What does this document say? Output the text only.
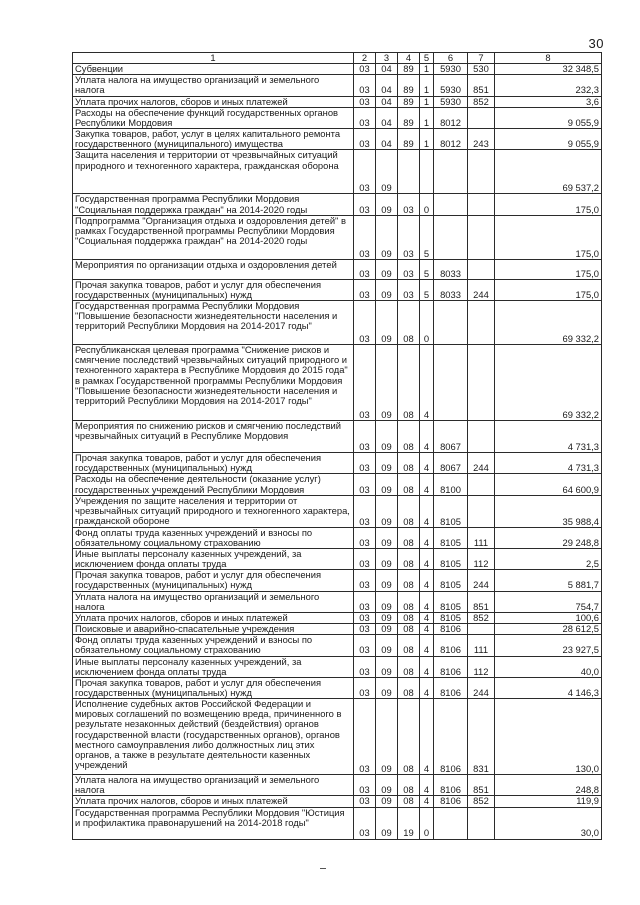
30
1	2	3	4	5	6	7	8
Субвенции	03	04	89	1	5930	530	32 348,5
Уплата налога на имущество организаций и земельного налога	03	04	89	1	5930	851	232,3
Уплата прочих налогов, сборов и иных платежей	03	04	89	1	5930	852	3,6
Расходы на обеспечение функций государственных органов Республики Мордовия	03	04	89	1	8012		9 055,9
Закупка товаров, работ, услуг в целях капитального ремонта государственного (муниципального) имущества	03	04	89	1	8012	243	9 055,9
Защита населения и территории от чрезвычайных ситуаций природного и техногенного характера, гражданская оборона	03	09					69 537,2
Государственная программа Республики Мордовия "Социальная поддержка граждан" на 2014-2020 годы	03	09	03	0			175,0
Подпрограмма "Организация отдыха и оздоровления детей" в рамках Государственной программы Республики Мордовия "Социальная поддержка граждан" на 2014-2020 годы	03	09	03	5			175,0
Мероприятия по организации отдыха и оздоровления детей	03	09	03	5	8033		175,0
Прочая закупка товаров, работ и услуг для обеспечения государственных (муниципальных) нужд	03	09	03	5	8033	244	175,0
Государственная программа Республики Мордовия "Повышение безопасности жизнедеятельности населения и территорий Республики Мордовия на 2014-2017 годы"	03	09	08	0			69 332,2
Республиканская целевая программа "Снижение рисков и смягчение последствий чрезвычайных ситуаций природного и техногенного характера в Республике Мордовия до 2015 года" в рамках Государственной программы Республики Мордовия "Повышение безопасности жизнедеятельности населения и территорий Республики Мордовия на 2014-2017 годы"	03	09	08	4			69 332,2
Мероприятия по снижению рисков и смягчению последствий чрезвычайных ситуаций в Республике Мордовия	03	09	08	4	8067		4 731,3
Прочая закупка товаров, работ и услуг для обеспечения государственных (муниципальных) нужд	03	09	08	4	8067	244	4 731,3
Расходы на обеспечение деятельности (оказание услуг) государственных учреждений Республики Мордовия	03	09	08	4	8100		64 600,9
Учреждения по защите населения и территории от чрезвычайных ситуаций природного и техногенного характера, гражданской обороне	03	09	08	4	8105		35 988,4
Фонд оплаты труда казенных учреждений и взносы по обязательному социальному страхованию	03	09	08	4	8105	111	29 248,8
Иные выплаты персоналу казенных учреждений, за исключением фонда оплаты труда	03	09	08	4	8105	112	2,5
Прочая закупка товаров, работ и услуг для обеспечения государственных (муниципальных) нужд	03	09	08	4	8105	244	5 881,7
Уплата налога на имущество организаций и земельного налога	03	09	08	4	8105	851	754,7
Уплата прочих налогов, сборов и иных платежей	03	09	08	4	8105	852	100,6
Поисковые и аварийно-спасательные учреждения	03	09	08	4	8106		28 612,5
Фонд оплаты труда казенных учреждений и взносы по обязательному социальному страхованию	03	09	08	4	8106	111	23 927,5
Иные выплаты персоналу казенных учреждений, за исключением фонда оплаты труда	03	09	08	4	8106	112	40,0
Прочая закупка товаров, работ и услуг для обеспечения государственных (муниципальных) нужд	03	09	08	4	8106	244	4 146,3
Исполнение судебных актов Российской Федерации и мировых соглашений по возмещению вреда, причиненного в результате незаконных действий (бездействия) органов государственной власти (государственных органов), органов местного самоуправления либо должностных лиц этих органов, а также в результате деятельности казенных учреждений	03	09	08	4	8106	831	130,0
Уплата налога на имущество организаций и земельного налога	03	09	08	4	8106	851	248,8
Уплата прочих налогов, сборов и иных платежей	03	09	08	4	8106	852	119,9
Государственная программа Республики Мордовия "Юстиция и профилактика правонарушений на 2014-2018 годы"	03	09	19	0			30,0
